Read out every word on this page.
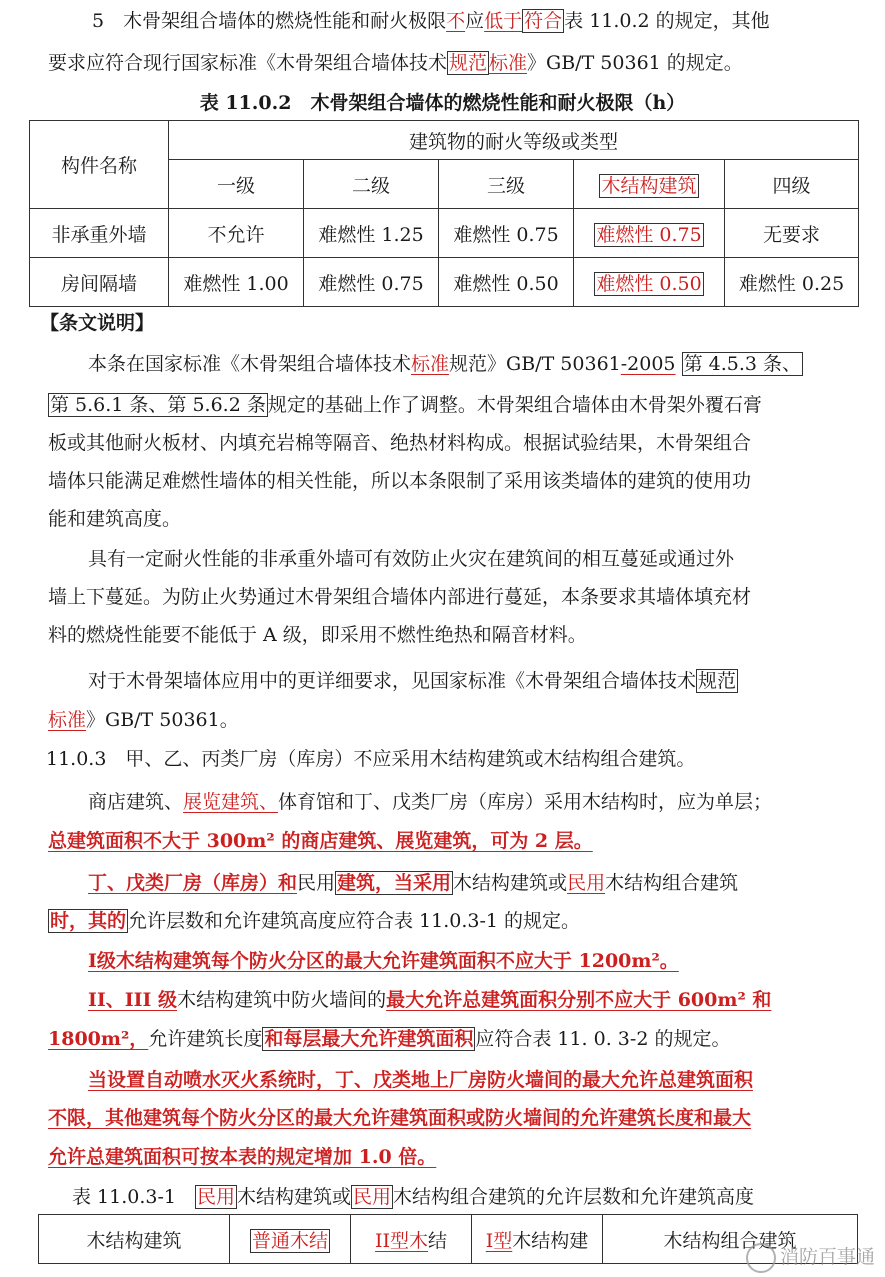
5　木骨架组合墙体的燃烧性能和耐火极限不应低于 符合 表 11.0.2 的规定，其他
要求应符合现行国家标准《木骨架组合墙体技术 规范 标准》GB/T 50361 的规定。
表 11.0.2　木骨架组合墙体的燃烧性能和耐火极限（h）
构件名称	建筑物的耐火等级或类型				
	一级	二级	三级	木结构建筑	四级
非承重外墙	不允许	难燃性 1.25	难燃性 0.75	难燃性 0.75	无要求
房间隔墙	难燃性 1.00	难燃性 0.75	难燃性 0.50	难燃性 0.50	难燃性 0.25
【条文说明】
本条在国家标准《木骨架组合墙体技术标准规范》GB/T 50361-2005 第 4.5.3 条、
第 5.6.1 条、第 5.6.2 条 规定的基础上作了调整。木骨架组合墙体由木骨架外覆石膏
板或其他耐火板材、内填充岩棉等隔音、绝热材料构成。根据试验结果，木骨架组合
墙体只能满足难燃性墙体的相关性能，所以本条限制了采用该类墙体的建筑的使用功
能和建筑高度。
具有一定耐火性能的非承重外墙可有效防止火灾在建筑间的相互蔓延或通过外
墙上下蔓延。为防止火势通过木骨架组合墙体内部进行蔓延，本条要求其墙体填充材
料的燃烧性能要不能低于 A 级，即采用不燃性绝热和隔音材料。
对于木骨架墙体应用中的更详细要求，见国家标准《木骨架组合墙体技术 规范
标准》GB/T 50361。
11.0.3　甲、乙、丙类厂房（库房）不应采用木结构建筑或木结构组合建筑。
商店建筑、展览建筑、体育馆和丁、戊类厂房（库房）采用木结构时，应为单层；
总建筑面积不大于 300m² 的商店建筑、展览建筑，可为 2 层。
丁、戊类厂房（库房）和民用 建筑，当采用 木结构建筑或民用木结构组合建筑
时，其的 允许层数和允许建筑高度应符合表 11.0.3-1 的规定。
I级木结构建筑每个防火分区的最大允许建筑面积不应大于 1200m²。
II、III 级木结构建筑中防火墙间的最大允许总建筑面积分别不应大于 600m² 和
1800m²，允许建筑长度 和每层最大允许建筑面积 应符合表 11. 0. 3-2 的规定。
当设置自动喷水灭火系统时，丁、戊类地上厂房防火墙间的最大允许总建筑面积
不限，其他建筑每个防火分区的最大允许建筑面积或防火墙间的允许建筑长度和最大
允许总建筑面积可按本表的规定增加 1.0 倍。
表 11.0.3-1　民用 木结构建筑或 民用 木结构组合建筑的允许层数和允许建筑高度
木结构建筑	普通木结	II型木结	I型木结构建	木结构组合建筑
消防百事通
